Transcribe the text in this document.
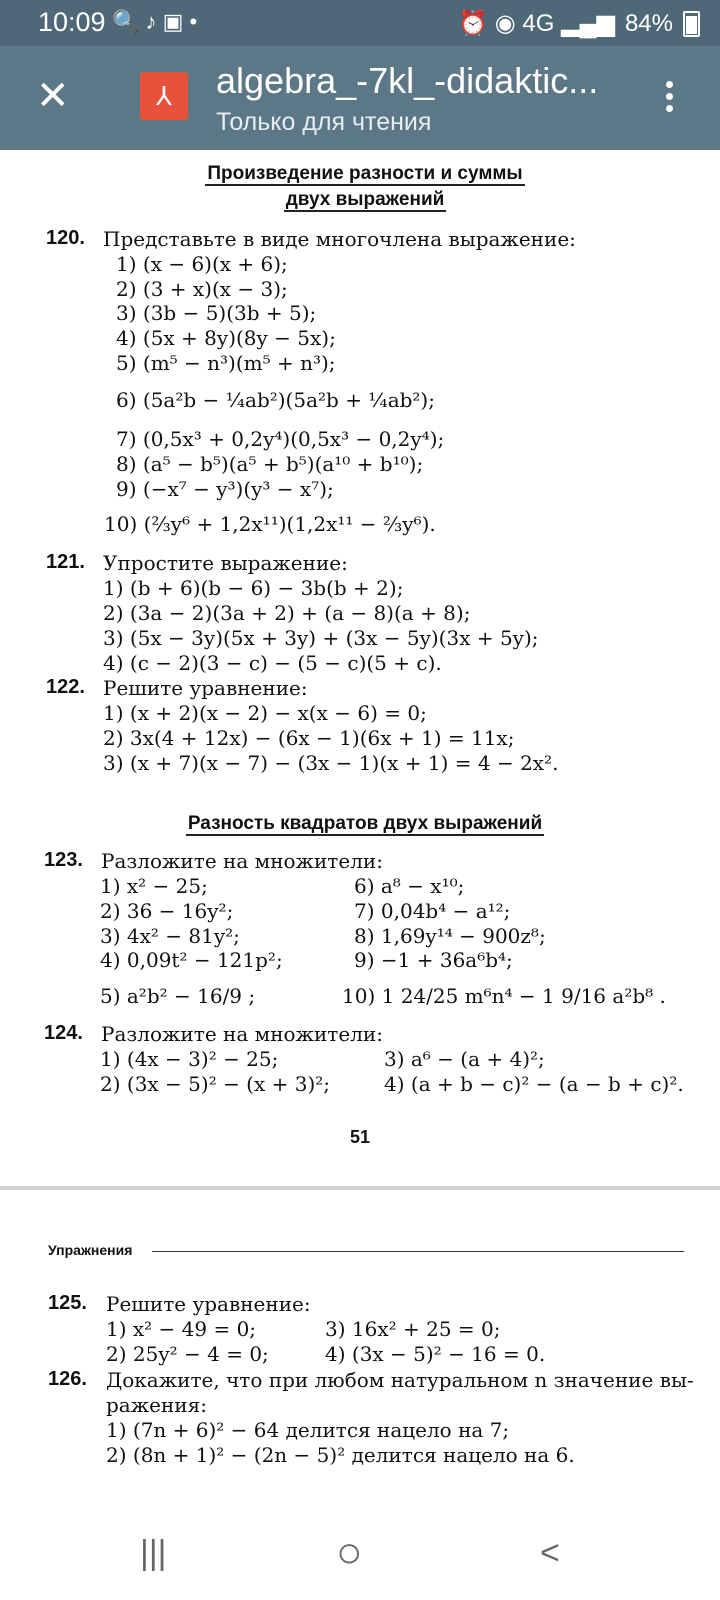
10:09 🔍 ♪ ▣ •	⏰ ◉ 4G ▂▄▆ 84%
✕	⅄	algebra_-7kl_-didaktic...
Только для чтения
Произведение разности и суммы
двух выражений
120. Представьте в виде многочлена выражение:
1) (x − 6)(x + 6);
2) (3 + x)(x − 3);
3) (3b − 5)(3b + 5);
4) (5x + 8y)(8y − 5x);
5) (m⁵ − n³)(m⁵ + n³);
6) (5a²b − ¼ab²)(5a²b + ¼ab²);
7) (0,5x³ + 0,2y⁴)(0,5x³ − 0,2y⁴);
8) (a⁵ − b⁵)(a⁵ + b⁵)(a¹⁰ + b¹⁰);
9) (−x⁷ − y³)(y³ − x⁷);
10) (⅔y⁶ + 1,2x¹¹)(1,2x¹¹ − ⅔y⁶).
121. Упростите выражение:
1) (b + 6)(b − 6) − 3b(b + 2);
2) (3a − 2)(3a + 2) + (a − 8)(a + 8);
3) (5x − 3y)(5x + 3y) + (3x − 5y)(3x + 5y);
4) (c − 2)(3 − c) − (5 − c)(5 + c).
122. Решите уравнение:
1) (x + 2)(x − 2) − x(x − 6) = 0;
2) 3x(4 + 12x) − (6x − 1)(6x + 1) = 11x;
3) (x + 7)(x − 7) − (3x − 1)(x + 1) = 4 − 2x².
Разность квадратов двух выражений
123. Разложите на множители:
1) x² − 25;
2) 36 − 16y²;
3) 4x² − 81y²;
4) 0,09t² − 121p²;
5) a²b² − 16/9 ;
6) a⁸ − x¹⁰;
7) 0,04b⁴ − a¹²;
8) 1,69y¹⁴ − 900z⁸;
9) −1 + 36a⁶b⁴;
10) 1 24/25 m⁶n⁴ − 1 9/16 a²b⁸ .
124. Разложите на множители:
1) (4x − 3)² − 25;
2) (3x − 5)² − (x + 3)²;
3) a⁶ − (a + 4)²;
4) (a + b − c)² − (a − b + c)².
51
Упражнения
125. Решите уравнение:
1) x² − 49 = 0;
2) 25y² − 4 = 0;
3) 16x² + 25 = 0;
4) (3x − 5)² − 16 = 0.
126. Докажите, что при любом натуральном n значение вы-
ражения:
1) (7n + 6)² − 64 делится нацело на 7;
2) (8n + 1)² − (2n − 5)² делится нацело на 6.
|||	○	<
